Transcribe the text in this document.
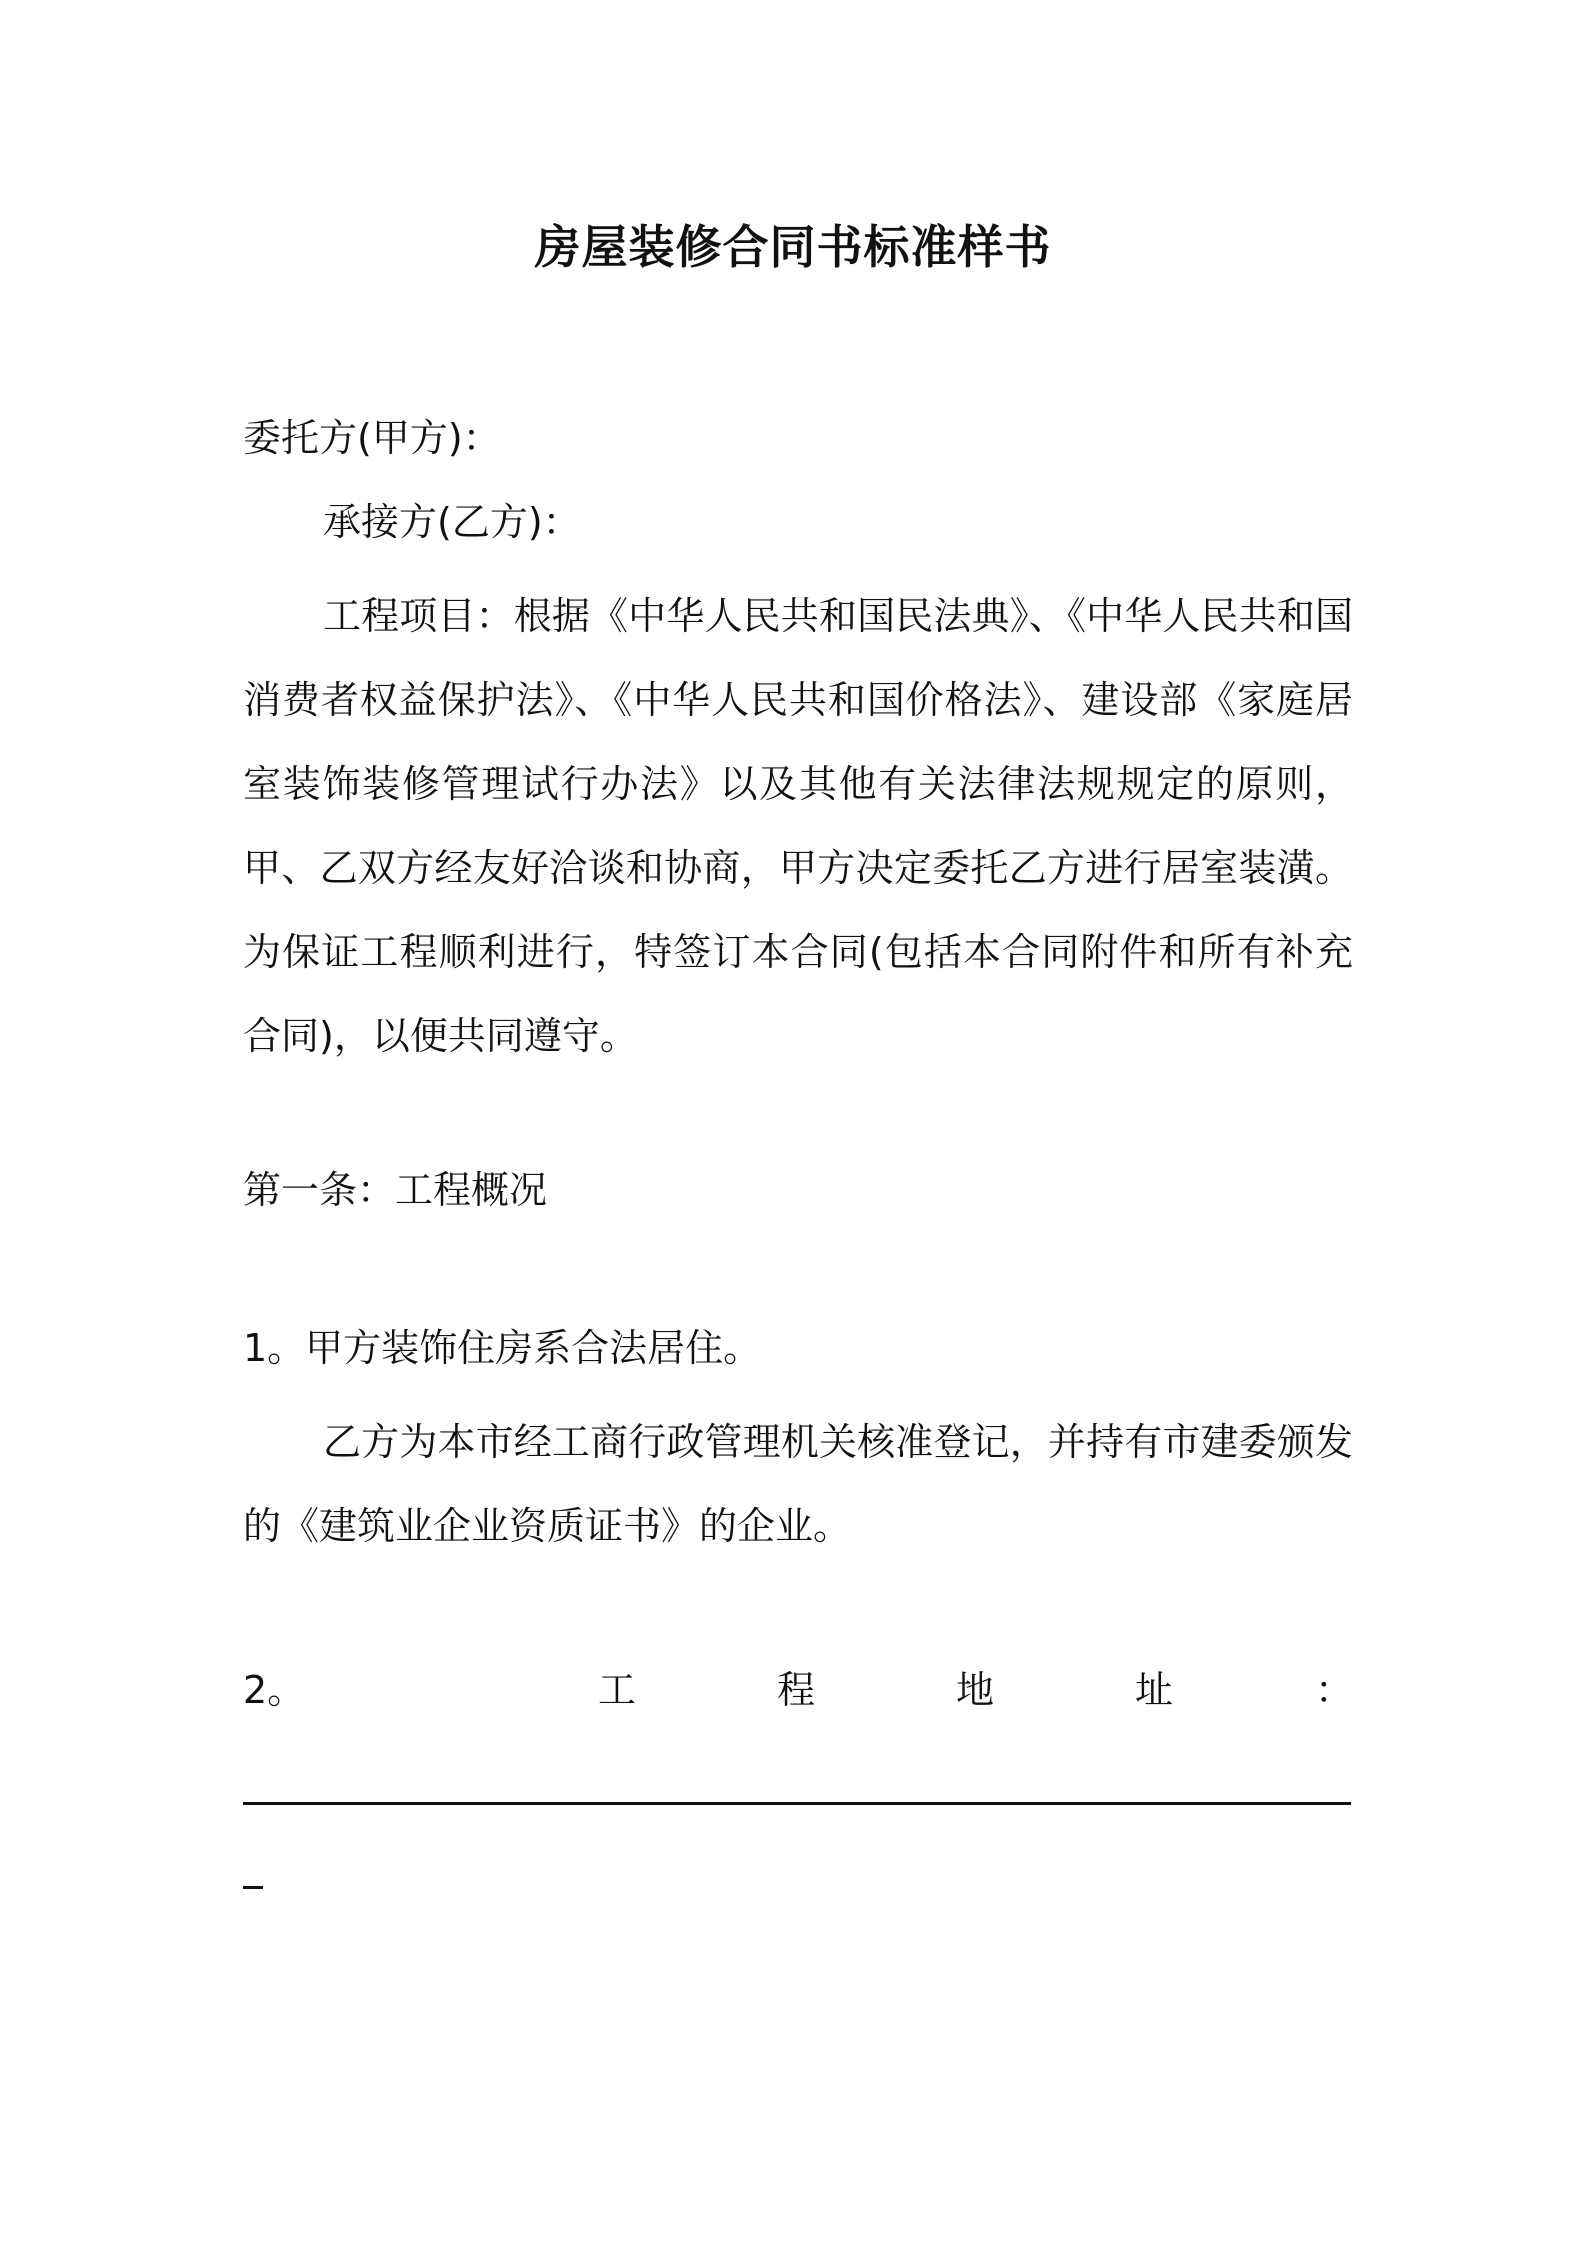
房屋装修合同书标准样书
委托方(甲方)：
承接方(乙方)：
工程项目：根据《中华人民共和国民法典》、《中华人民共和国消费者权益保护法》、《中华人民共和国价格法》、建设部《家庭居室装饰装修管理试行办法》以及其他有关法律法规规定的原则， 甲、乙双方经友好洽谈和协商，甲方决定委托乙方进行居室装潢。为保证工程顺利进行，特签订本合同(包括本合同附件和所有补充合同)，以便共同遵守。
第一条：工程概况
1。甲方装饰住房系合法居住。
乙方为本市经工商行政管理机关核准登记，并持有市建委颁发的《建筑业企业资质证书》的企业。
2。	工	程	地	址	：
